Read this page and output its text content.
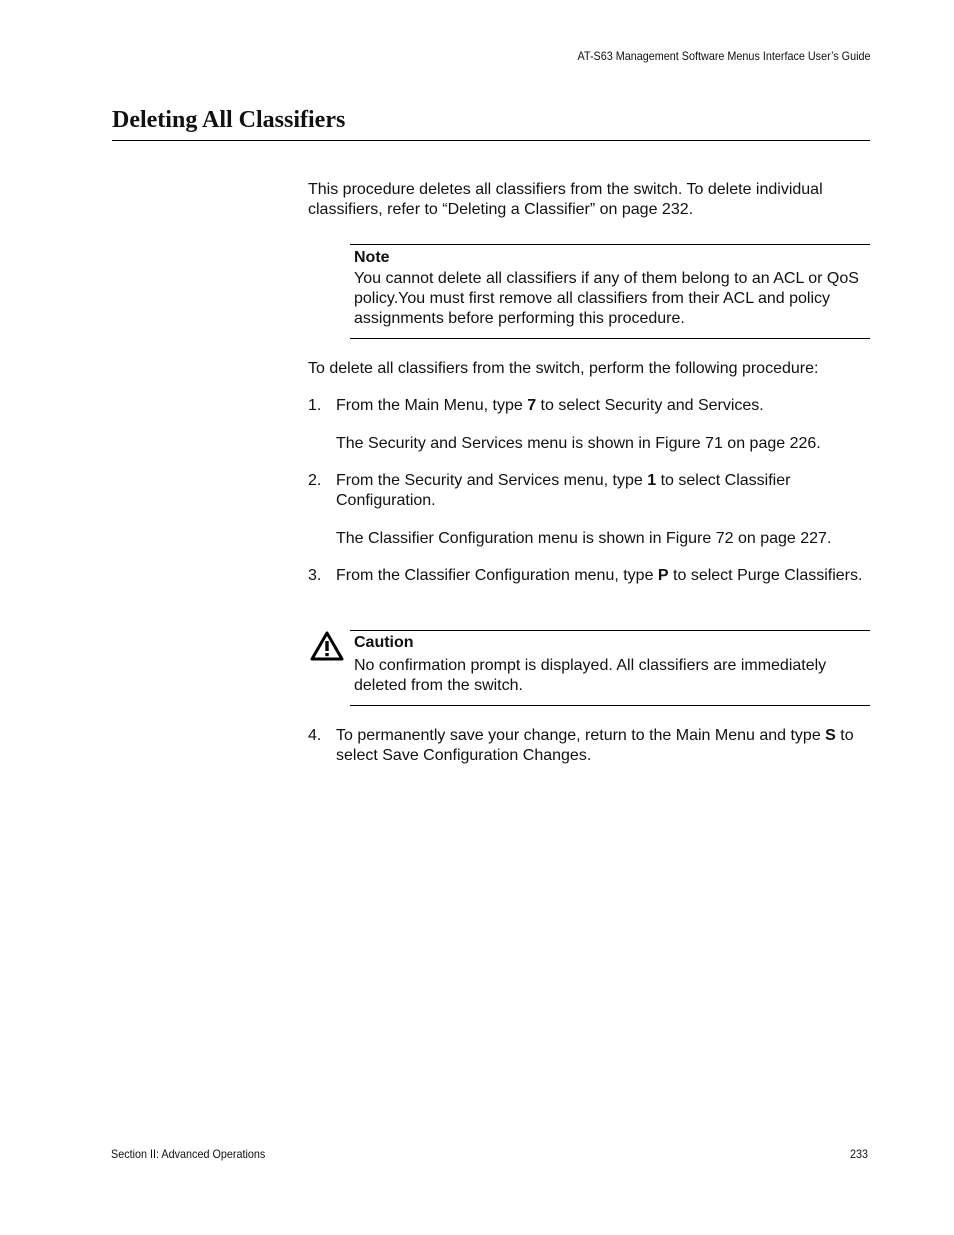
AT-S63 Management Software Menus Interface User’s Guide
Deleting All Classifiers
This procedure deletes all classifiers from the switch. To delete individual classifiers, refer to “Deleting a Classifier” on page 232.
Note
You cannot delete all classifiers if any of them belong to an ACL or QoS policy.You must first remove all classifiers from their ACL and policy assignments before performing this procedure.
To delete all classifiers from the switch, perform the following procedure:
1. From the Main Menu, type 7 to select Security and Services.
The Security and Services menu is shown in Figure 71 on page 226.
2. From the Security and Services menu, type 1 to select Classifier Configuration.
The Classifier Configuration menu is shown in Figure 72 on page 227.
3. From the Classifier Configuration menu, type P to select Purge Classifiers.
Caution
No confirmation prompt is displayed. All classifiers are immediately deleted from the switch.
4. To permanently save your change, return to the Main Menu and type S to select Save Configuration Changes.
Section II: Advanced Operations	233
